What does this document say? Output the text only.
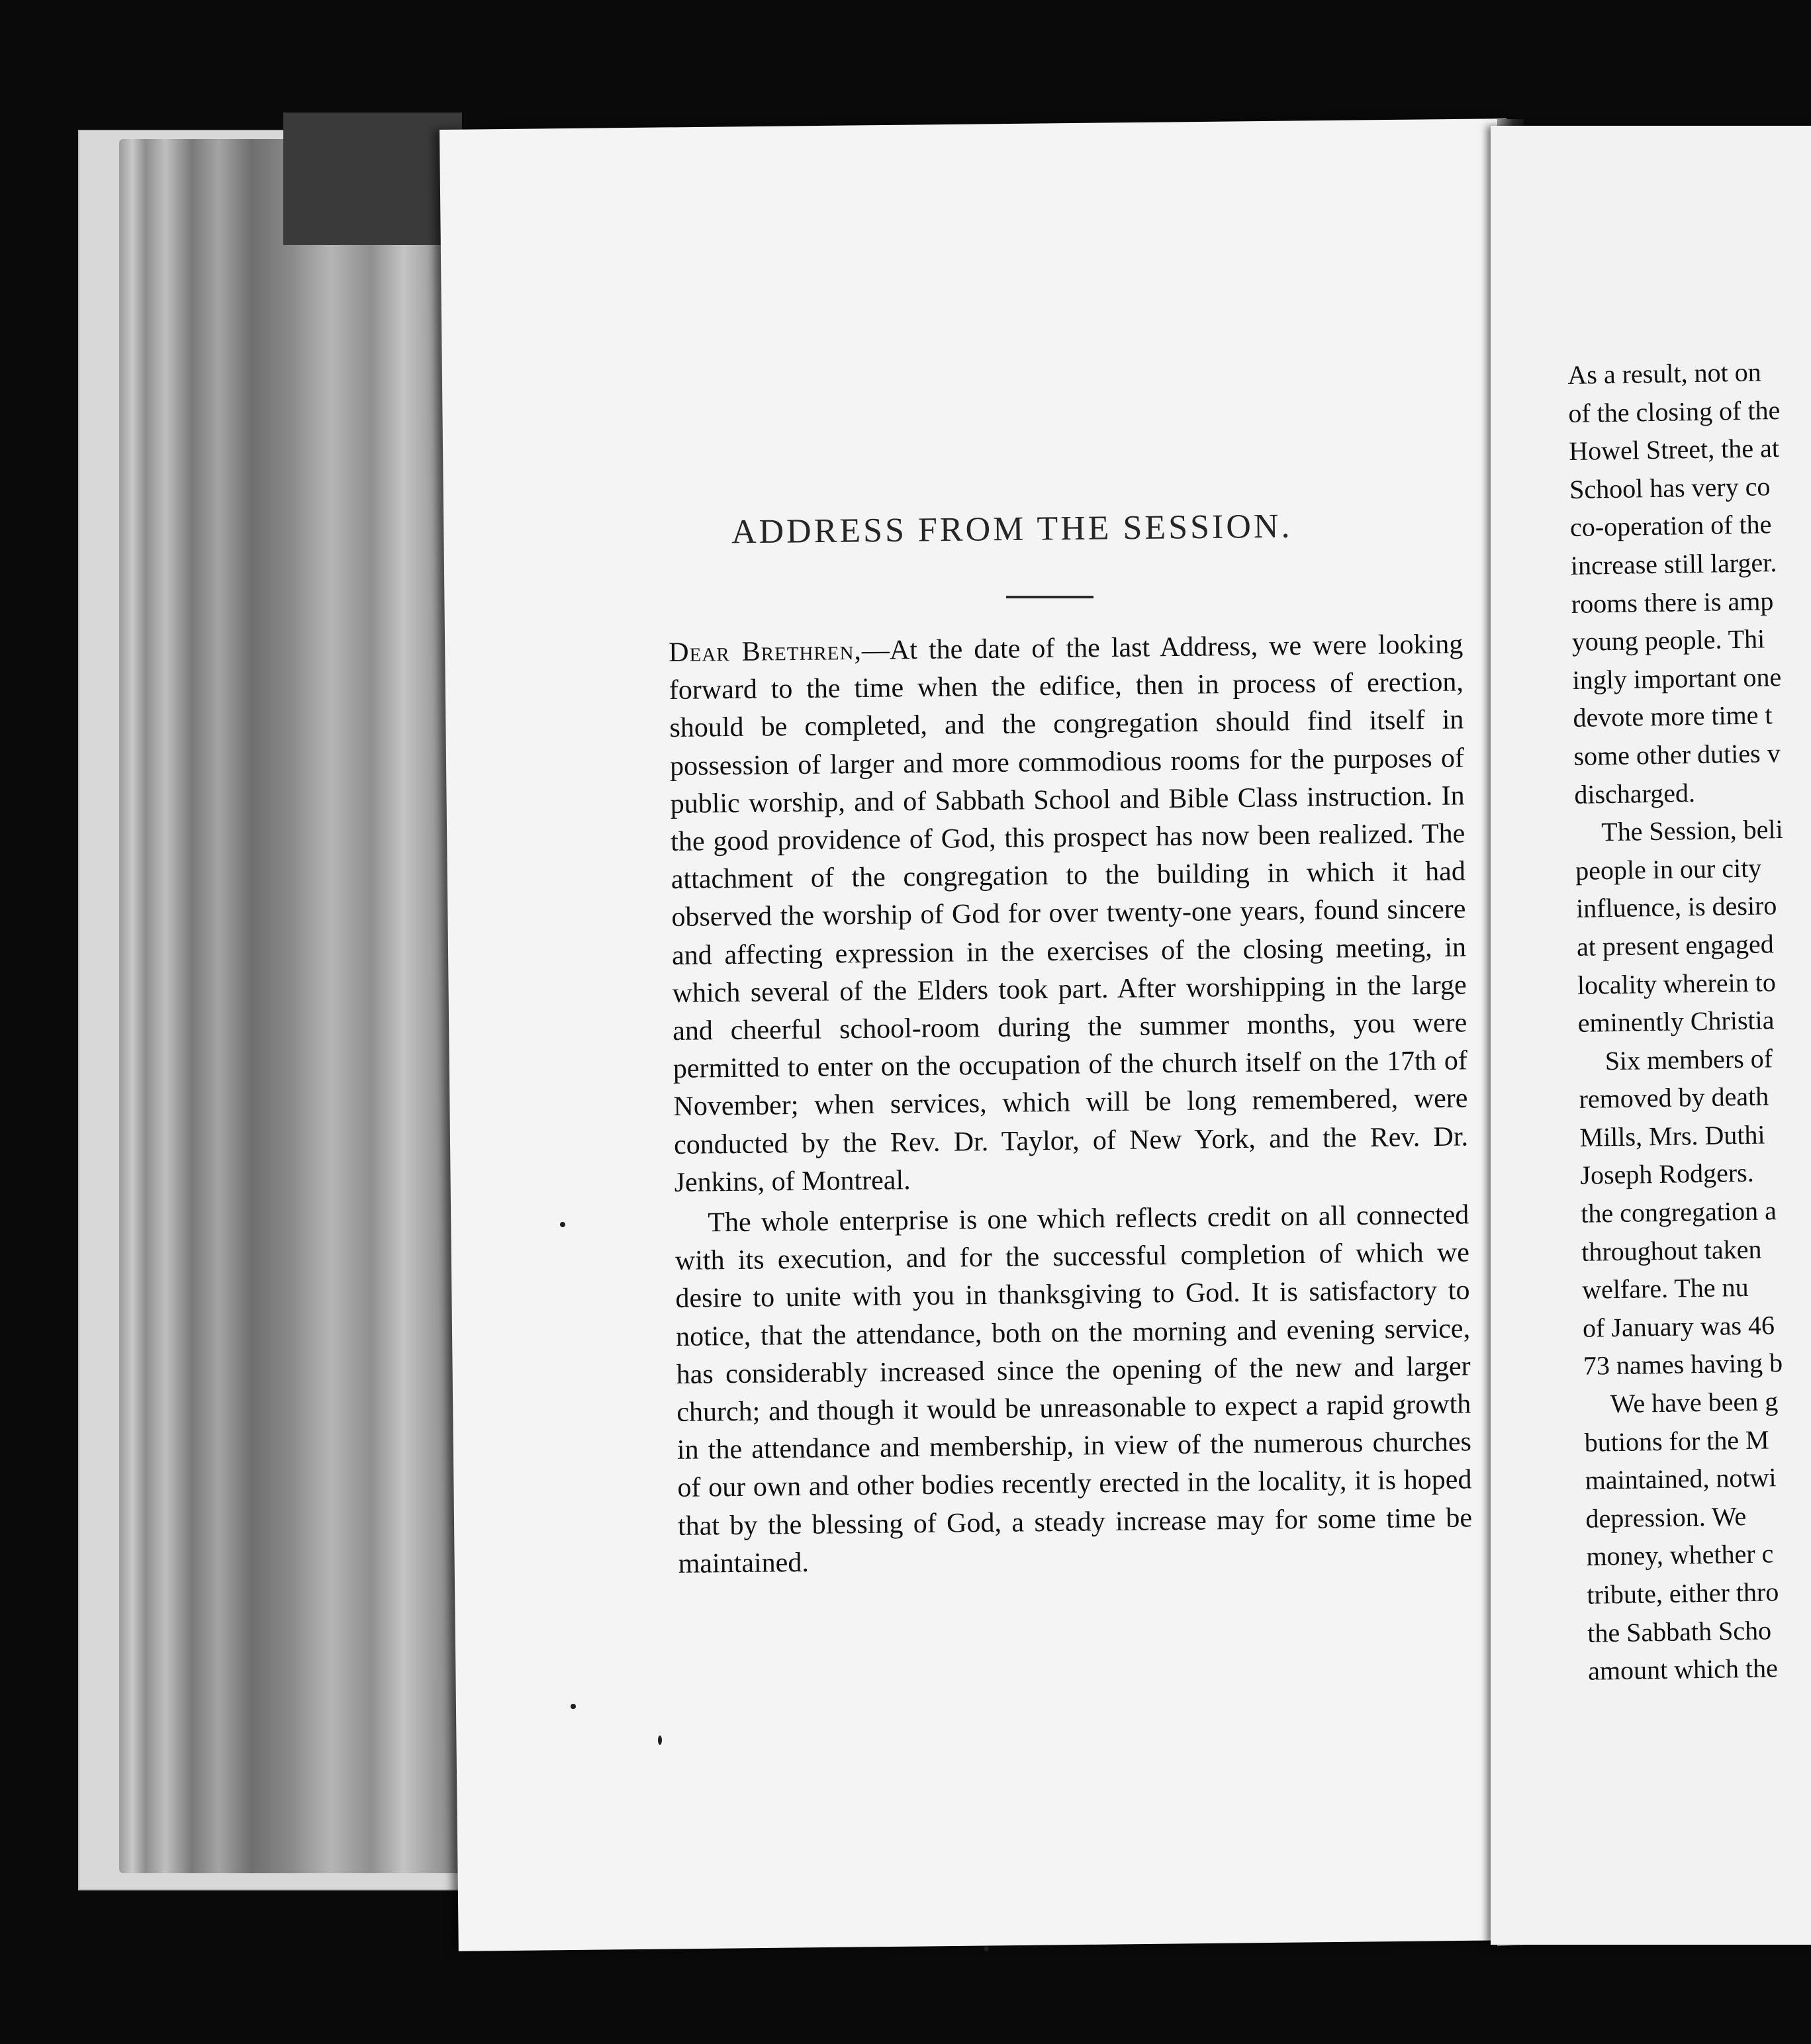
ADDRESS FROM THE SESSION.

Dear Brethren,—At the date of the last Address, we were looking forward to the time when the edifice, then in process of erection, should be completed, and the congregation should find itself in possession of larger and more commodious rooms for the purposes of public worship, and of Sabbath School and Bible Class instruction. In the good providence of God, this prospect has now been realized. The attachment of the congregation to the building in which it had observed the worship of God for over twenty-one years, found sincere and affecting expression in the exercises of the closing meeting, in which several of the Elders took part. After worshipping in the large and cheerful school-room during the summer months, you were permitted to enter on the occupation of the church itself on the 17th of November; when services, which will be long remembered, were conducted by the Rev. Dr. Taylor, of New York, and the Rev. Dr. Jenkins, of Montreal.

The whole enterprise is one which reflects credit on all connected with its execution, and for the successful completion of which we desire to unite with you in thanksgiving to God. It is satisfactory to notice, that the attendance, both on the morning and evening service, has considerably increased since the opening of the new and larger church; and though it would be unreasonable to expect a rapid growth in the attendance and membership, in view of the numerous churches of our own and other bodies recently erected in the locality, it is hoped that by the blessing of God, a steady increase may for some time be maintained.

As a result, not on
of the closing of the
Howel Street, the at
School has very co
co-operation of the
increase still larger.
rooms there is amp
young people. Thi
ingly important one
devote more time t
some other duties v
discharged.
The Session, beli
people in our city
influence, is desiro
at present engaged
locality wherein to
eminently Christia
Six members of
removed by death
Mills, Mrs. Duthi
Joseph Rodgers.
the congregation a
throughout taken
welfare. The nu
of January was 46
73 names having b
We have been g
butions for the M
maintained, notwi
depression. We
money, whether c
tribute, either thro
the Sabbath Scho
amount which the
